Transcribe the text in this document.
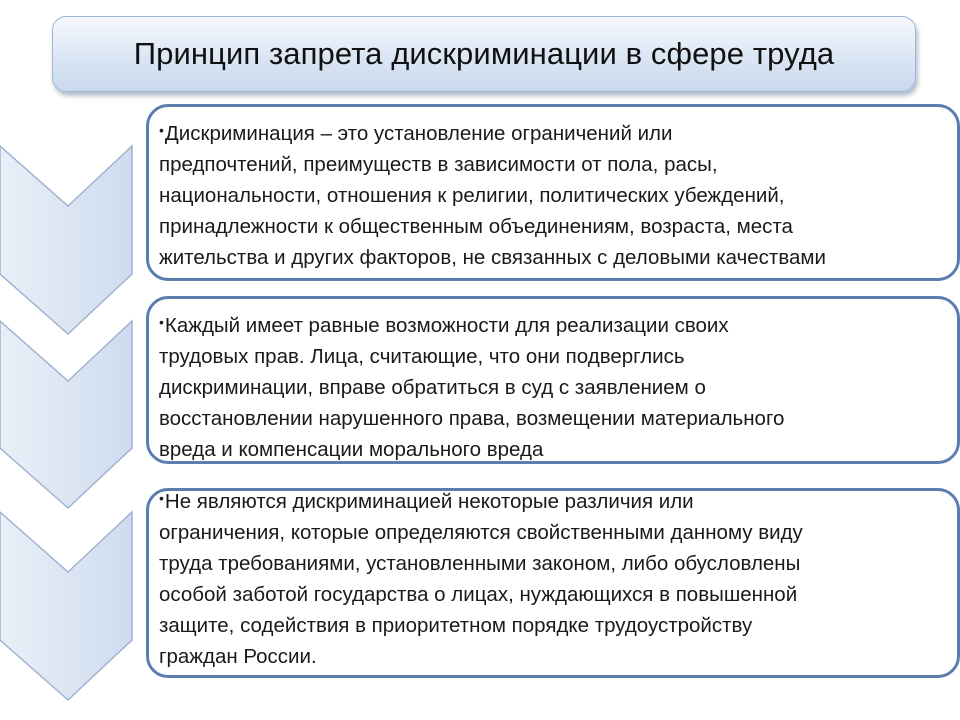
Принцип запрета дискриминации в сфере труда

•Дискриминация – это установление ограничений или

предпочтений, преимуществ в зависимости от пола, расы,

национальности, отношения к религии, политических убеждений,

принадлежности к общественным объединениям, возраста, места

жительства и других факторов, не связанных с деловыми качествами

•Каждый имеет равные возможности для реализации своих

трудовых прав. Лица, считающие, что они подверглись

дискриминации, вправе обратиться в суд с заявлением о

восстановлении нарушенного права, возмещении материального

вреда и компенсации морального вреда

•Не являются дискриминацией некоторые различия или

ограничения, которые определяются свойственными данному виду

труда требованиями, установленными законом, либо обусловлены

особой заботой государства о лицах, нуждающихся в повышенной

защите, содействия в приоритетном порядке трудоустройству

граждан России.
